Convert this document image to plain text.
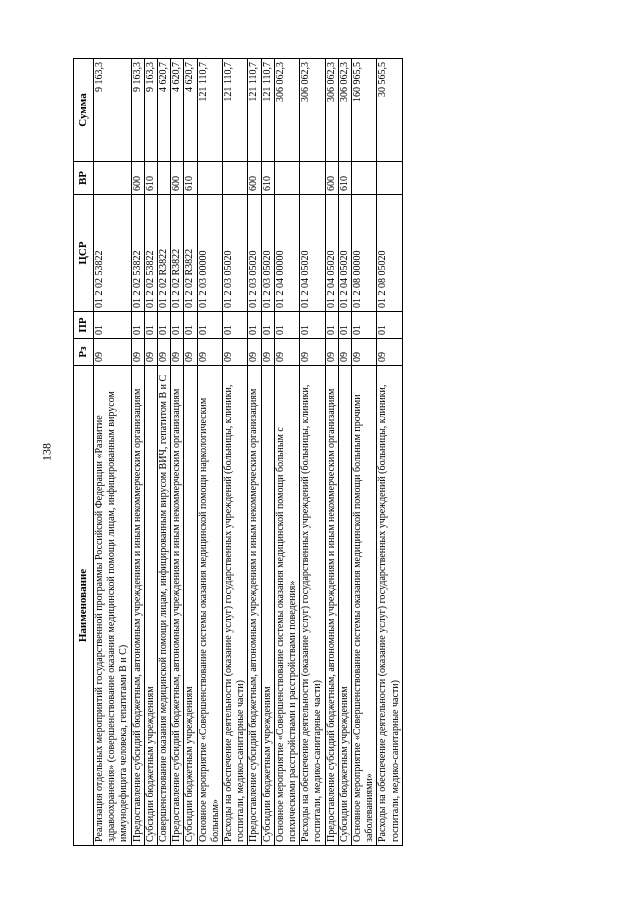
138
Наименование	Рз	ПР	ЦСР	ВР	Сумма
Реализация отдельных мероприятий государственной программы Российской Федерации «Развитие здравоохранения» (совершенствование оказания медицинской помощи лицам, инфицированным вирусом иммунодефицита человека, гепатитами В и С)	09	01	01 2 02 53822		9 163,3
Предоставление субсидий бюджетным, автономным учреждениям и иным некоммерческим организациям	09	01	01 2 02 53822	600	9 163,3
Субсидии бюджетным учреждениям	09	01	01 2 02 53822	610	9 163,3
Совершенствование оказания медицинской помощи лицам, инфицированным вирусом ВИЧ, гепатитом В и С	09	01	01 2 02 R3822		4 620,7
Предоставление субсидий бюджетным, автономным учреждениям и иным некоммерческим организациям	09	01	01 2 02 R3822	600	4 620,7
Субсидии бюджетным учреждениям	09	01	01 2 02 R3822	610	4 620,7
Основное мероприятие «Совершенствование системы оказания медицинской помощи наркологическим больным»	09	01	01 2 03 00000		121 110,7
Расходы на обеспечение деятельности (оказание услуг) государственных учреждений (больницы, клиники, госпитали, медико-санитарные части)	09	01	01 2 03 05020		121 110,7
Предоставление субсидий бюджетным, автономным учреждениям и иным некоммерческим организациям	09	01	01 2 03 05020	600	121 110,7
Субсидии бюджетным учреждениям	09	01	01 2 03 05020	610	121 110,7
Основное мероприятие «Совершенствование системы оказания медицинской помощи больным с психическими расстройствами и расстройствами поведения»	09	01	01 2 04 00000		306 062,3
Расходы на обеспечение деятельности (оказание услуг) государственных учреждений (больницы, клиники, госпитали, медико-санитарные части)	09	01	01 2 04 05020		306 062,3
Предоставление субсидий бюджетным, автономным учреждениям и иным некоммерческим организациям	09	01	01 2 04 05020	600	306 062,3
Субсидии бюджетным учреждениям	09	01	01 2 04 05020	610	306 062,3
Основное мероприятие «Совершенствование системы оказания медицинской помощи больным прочими заболеваниями»	09	01	01 2 08 00000		160 965,5
Расходы на обеспечение деятельности (оказание услуг) государственных учреждений (больницы, клиники, госпитали, медико-санитарные части)	09	01	01 2 08 05020		30 565,5
